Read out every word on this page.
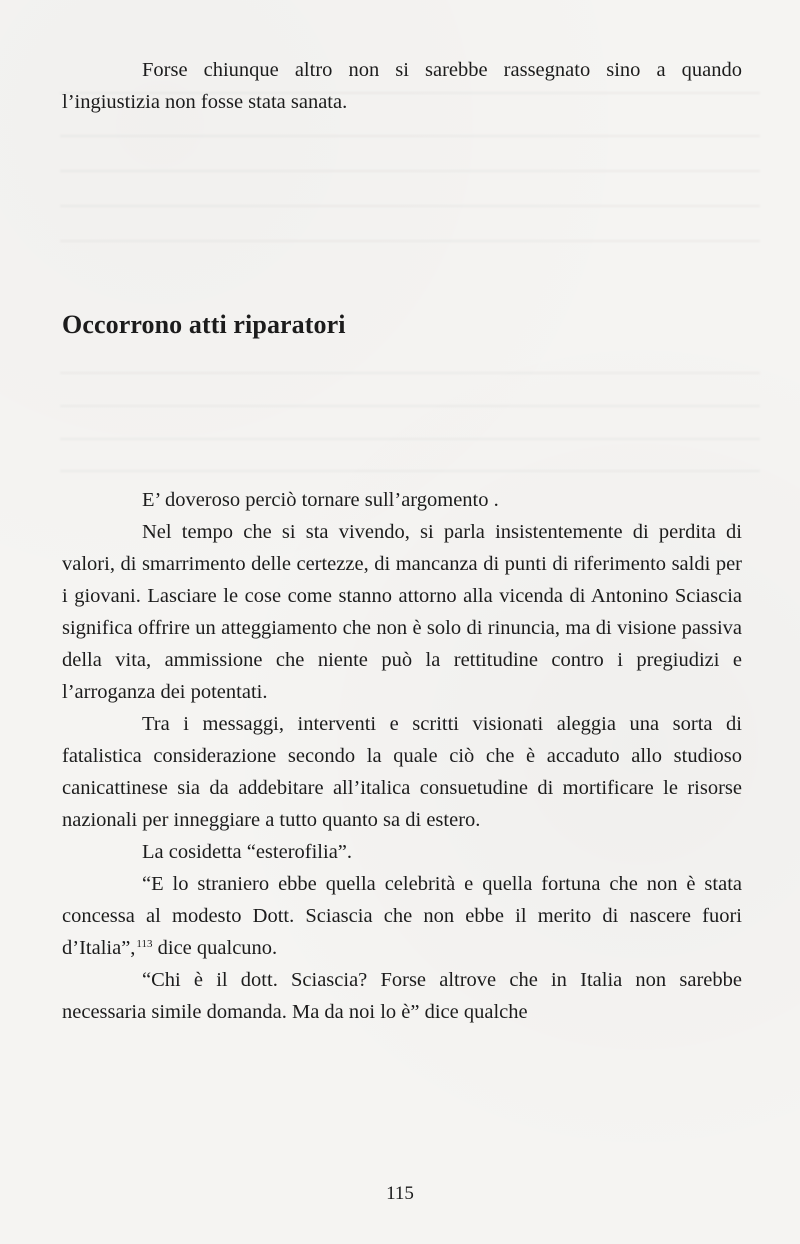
Forse chiunque altro non si sarebbe rassegnato sino a quando l’ingiustizia non fosse stata sanata.

Occorrono atti riparatori

E’ doveroso perciò tornare sull’argomento .

Nel tempo che si sta vivendo, si parla insistentemente di perdita di valori, di smarrimento delle certezze, di mancanza di punti di riferimento saldi per i giovani. Lasciare le cose come stanno attorno alla vicenda di Antonino Sciascia significa offrire un atteggiamento che non è solo di rinuncia, ma di visione passiva della vita, ammissione che niente può la rettitudine contro i pregiudizi e l’arroganza dei potentati.

Tra i messaggi, interventi e scritti visionati aleggia una sorta di fatalistica considerazione secondo la quale ciò che è accaduto allo studioso canicattinese sia da addebitare all’italica consuetudine di mortificare le risorse nazionali per inneggiare a tutto quanto sa di estero.

La cosidetta “esterofilia”.

“E lo straniero ebbe quella celebrità e quella fortuna che non è stata concessa al modesto Dott. Sciascia che non ebbe il merito di nascere fuori d’Italia”,$^{113}$ dice qualcuno.

“Chi è il dott. Sciascia? Forse altrove che in Italia non sarebbe necessaria simile domanda. Ma da noi lo è” dice qualche

115
